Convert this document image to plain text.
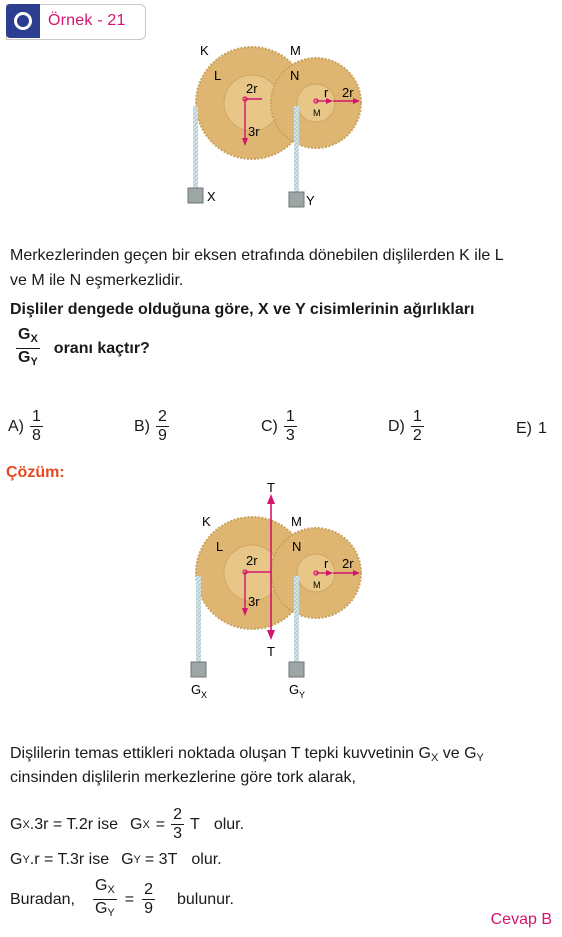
Örnek - 21
K
L
M
N
2r
3r
r 2r
M
X	Y
Merkezlerinden geçen bir eksen etrafında dönebilen dişlilerden K ile L
ve M ile N eşmerkezlidir.
Dişliler dengede olduğuna göre, X ve Y cisimlerinin ağırlıkları
$\frac{G_X}{G_Y}$ oranı kaçtır?
$A) \frac{1}{8}$	$B) \frac{2}{9}$	$C) \frac{1}{3}$	$D) \frac{1}{2}$	E) 1
Çözüm:
T
T
K
L
M
N
2r
3r
r 2r
M
G X	G Y
Dişlilerin temas ettikleri noktada oluşan T tepki kuvvetinin $G_X$ ve $G_Y$
cinsinden dişlilerin merkezlerine göre tork alarak,
G X .3r = T.2r ise G $X = \frac{2}{3}$ T olur.
G Y .r = T.3r ise G Y = 3T olur.
Buradan, $\frac{G_X}{G_Y} = \frac{2}{9}$ bulunur.
Cevap B
